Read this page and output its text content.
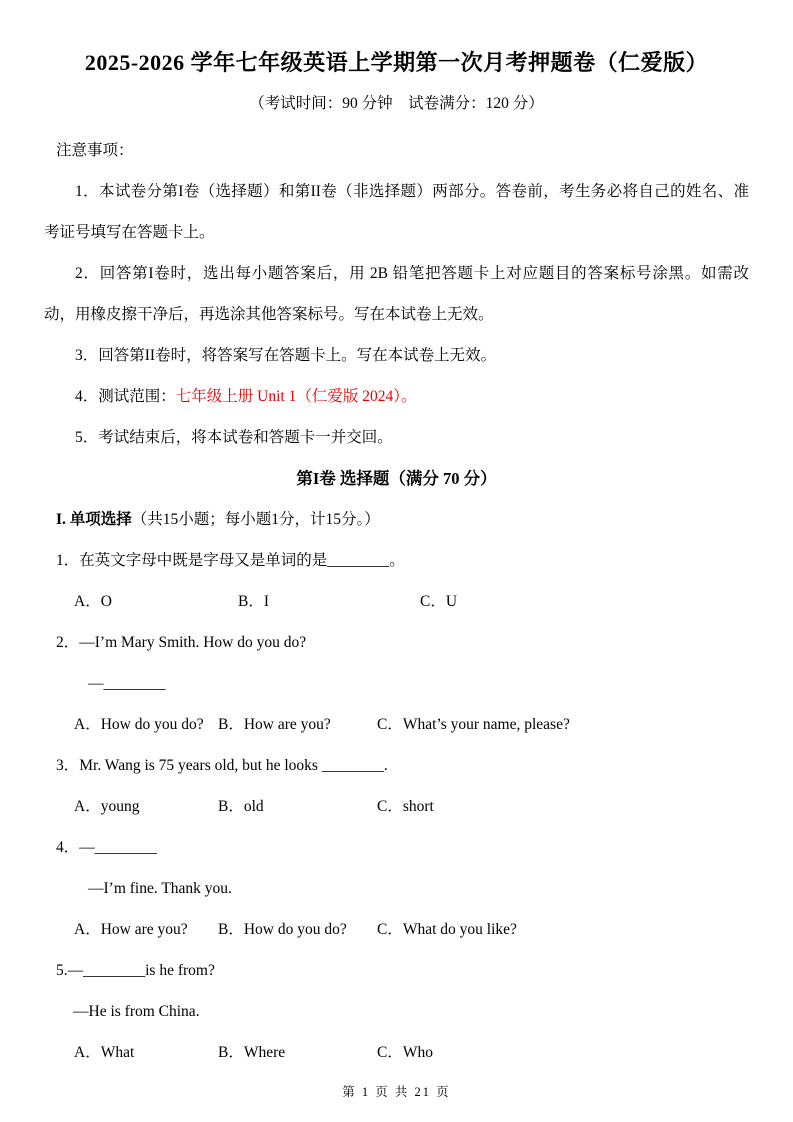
2025-2026 学年七年级英语上学期第一次月考押题卷（仁爱版）

（考试时间：90 分钟　试卷满分：120 分）

注意事项：

1．本试卷分第I卷（选择题）和第II卷（非选择题）两部分。答卷前，考生务必将自己的姓名、准考证号填写在答题卡上。

2．回答第I卷时，选出每小题答案后，用 2B 铅笔把答题卡上对应题目的答案标号涂黑。如需改动，用橡皮擦干净后，再选涂其他答案标号。写在本试卷上无效。

3．回答第II卷时，将答案写在答题卡上。写在本试卷上无效。

4．测试范围：七年级上册 Unit 1（仁爱版 2024）。

5．考试结束后，将本试卷和答题卡一并交回。

第I卷 选择题（满分 70 分）

I. 单项选择（共15小题；每小题1分，计15分。）

1．在英文字母中既是字母又是单词的是________。

A．O	B．I	C．U

2．—I’m Mary Smith. How do you do?

—________

A．How do you do? B．How are you?	C．What’s your name, please?

3．Mr. Wang is 75 years old, but he looks ________.

A．young	B．old	C．short

4．—________

—I’m fine. Thank you.

A．How are you? B．How do you do? C．What do you like?

5.—________is he from?

—He is from China.

A．What	B．Where	C．Who
第 1 页 共 21 页
